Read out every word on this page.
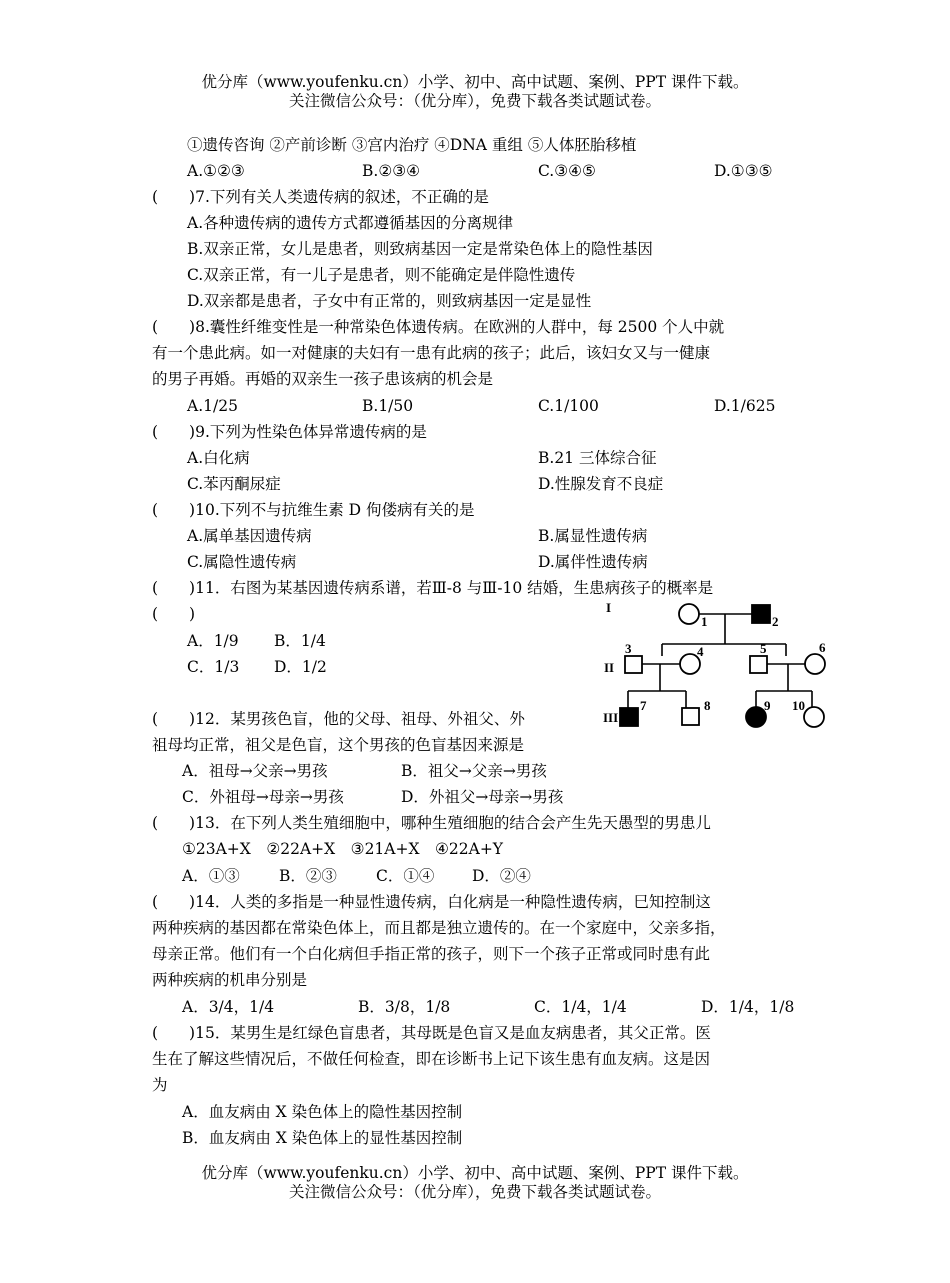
优分库（www.youfenku.cn）小学、初中、高中试题、案例、PPT 课件下载。
关注微信公众号：（优分库），免费下载各类试题试卷。
①遗传咨询 ②产前诊断 ③宫内治疗 ④DNA 重组 ⑤人体胚胎移植
A.①②③	B.②③④	C.③④⑤	D.①③⑤
(　　)7.下列有关人类遗传病的叙述，不正确的是
A.各种遗传病的遗传方式都遵循基因的分离规律
B.双亲正常，女儿是患者，则致病基因一定是常染色体上的隐性基因
C.双亲正常，有一儿子是患者，则不能确定是伴隐性遗传
D.双亲都是患者，子女中有正常的，则致病基因一定是显性
(　　)8.囊性纤维变性是一种常染色体遗传病。在欧洲的人群中，每 2500 个人中就
有一个患此病。如一对健康的夫妇有一患有此病的孩子；此后，该妇女又与一健康
的男子再婚。再婚的双亲生一孩子患该病的机会是
A.1/25	B.1/50	C.1/100	D.1/625
(　　)9.下列为性染色体异常遗传病的是
A.白化病	B.21 三体综合征
C.苯丙酮尿症	D.性腺发育不良症
(　　)10.下列不与抗维生素 D 佝偻病有关的是
A.属单基因遗传病	B.属显性遗传病
C.属隐性遗传病	D.属伴性遗传病
(　　)11．右图为某基因遗传病系谱，若Ⅲ-8 与Ⅲ-10 结婚，生患病孩子的概率是
(　　)
A．1/9 B．1/4
C．1/3 D．1/2
I
II
III
1	2
3	4	5	6
7	8	9 10
(　　)12．某男孩色盲，他的父母、祖母、外祖父、外
祖母均正常，祖父是色盲，这个男孩的色盲基因来源是
A．祖母→父亲→男孩	B．祖父→父亲→男孩
C．外祖母→母亲→男孩	D．外祖父→母亲→男孩
(　　)13．在下列人类生殖细胞中，哪种生殖细胞的结合会产生先天愚型的男患儿
①23A+X　②22A+X　③21A+X　④22A+Y
A．①③	B．②③	C．①④ D．②④
(　　)14．人类的多指是一种显性遗传病，白化病是一种隐性遗传病，巳知控制这
两种疾病的基因都在常染色体上，而且都是独立遗传的。在一个家庭中，父亲多指，
母亲正常。他们有一个白化病但手指正常的孩子，则下一个孩子正常或同时患有此
两种疾病的机串分别是
A．3/4，1/4	B．3/8，1/8	C．1/4，1/4	D．1/4，1/8
(　　)15．某男生是红绿色盲患者，其母既是色盲又是血友病患者，其父正常。医
生在了解这些情况后，不做任何检查，即在诊断书上记下该生患有血友病。这是因
为
A．血友病由 X 染色体上的隐性基因控制
B．血友病由 X 染色体上的显性基因控制
优分库（www.youfenku.cn）小学、初中、高中试题、案例、PPT 课件下载。
关注微信公众号：（优分库），免费下载各类试题试卷。
